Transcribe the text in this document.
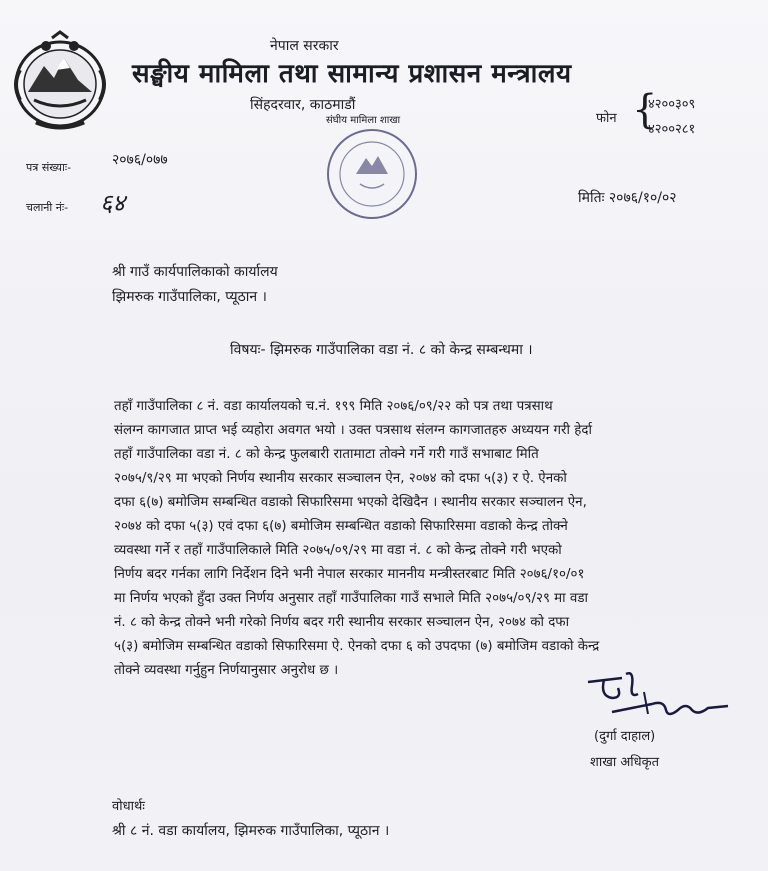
नेपाल सरकार
सङ्घीय मामिला तथा सामान्य प्रशासन मन्त्रालय
सिंहदरवार, काठमाडौं
संघीय मामिला शाखा	फोन {
४२००३०९
४२००२८१
पत्र संख्याः-	२०७६/०७७
चलानी नंः- ६४	मितिः २०७६/१०/०२
श्री गाउँ कार्यपालिकाको कार्यालय
झिमरुक गाउँपालिका, प्यूठान ।
विषयः- झिमरुक गाउँपालिका वडा नं. ८ को केन्द्र सम्बन्धमा ।
तहाँ गाउँपालिका ८ नं. वडा कार्यालयको च.नं. १९९ मिति २०७६/०९/२२ को पत्र तथा पत्रसाथ
संलग्न कागजात प्राप्त भई व्यहोरा अवगत भयो । उक्त पत्रसाथ संलग्न कागजातहरु अध्ययन गरी हेर्दा
तहाँ गाउँपालिका वडा नं. ८ को केन्द्र फुलबारी रातामाटा तोक्ने गर्ने गरी गाउँ सभाबाट मिति
२०७५/९/२९ मा भएको निर्णय स्थानीय सरकार सञ्चालन ऐन, २०७४ को दफा ५(३) र ऐ. ऐनको
दफा ६(७) बमोजिम सम्बन्धित वडाको सिफारिसमा भएको देखिदैन । स्थानीय सरकार सञ्चालन ऐन,
२०७४ को दफा ५(३) एवं दफा ६(७) बमोजिम सम्बन्धित वडाको सिफारिसमा वडाको केन्द्र तोक्ने
व्यवस्था गर्ने र तहाँ गाउँपालिकाले मिति २०७५/०९/२९ मा वडा नं. ८ को केन्द्र तोक्ने गरी भएको
निर्णय बदर गर्नका लागि निर्देशन दिने भनी नेपाल सरकार माननीय मन्त्रीस्तरबाट मिति २०७६/१०/०१
मा निर्णय भएको हुँदा उक्त निर्णय अनुसार तहाँ गाउँपालिका गाउँ सभाले मिति २०७५/०९/२९ मा वडा
नं. ८ को केन्द्र तोक्ने भनी गरेको निर्णय बदर गरी स्थानीय सरकार सञ्चालन ऐन, २०७४ को दफा
५(३) बमोजिम सम्बन्धित वडाको सिफारिसमा ऐ. ऐनको दफा ६ को उपदफा (७) बमोजिम वडाको केन्द्र
तोक्ने व्यवस्था गर्नुहुन निर्णयानुसार अनुरोध छ ।
(दुर्गा दाहाल)
शाखा अधिकृत
वोधार्थः
श्री ८ नं. वडा कार्यालय, झिमरुक गाउँपालिका, प्यूठान ।
